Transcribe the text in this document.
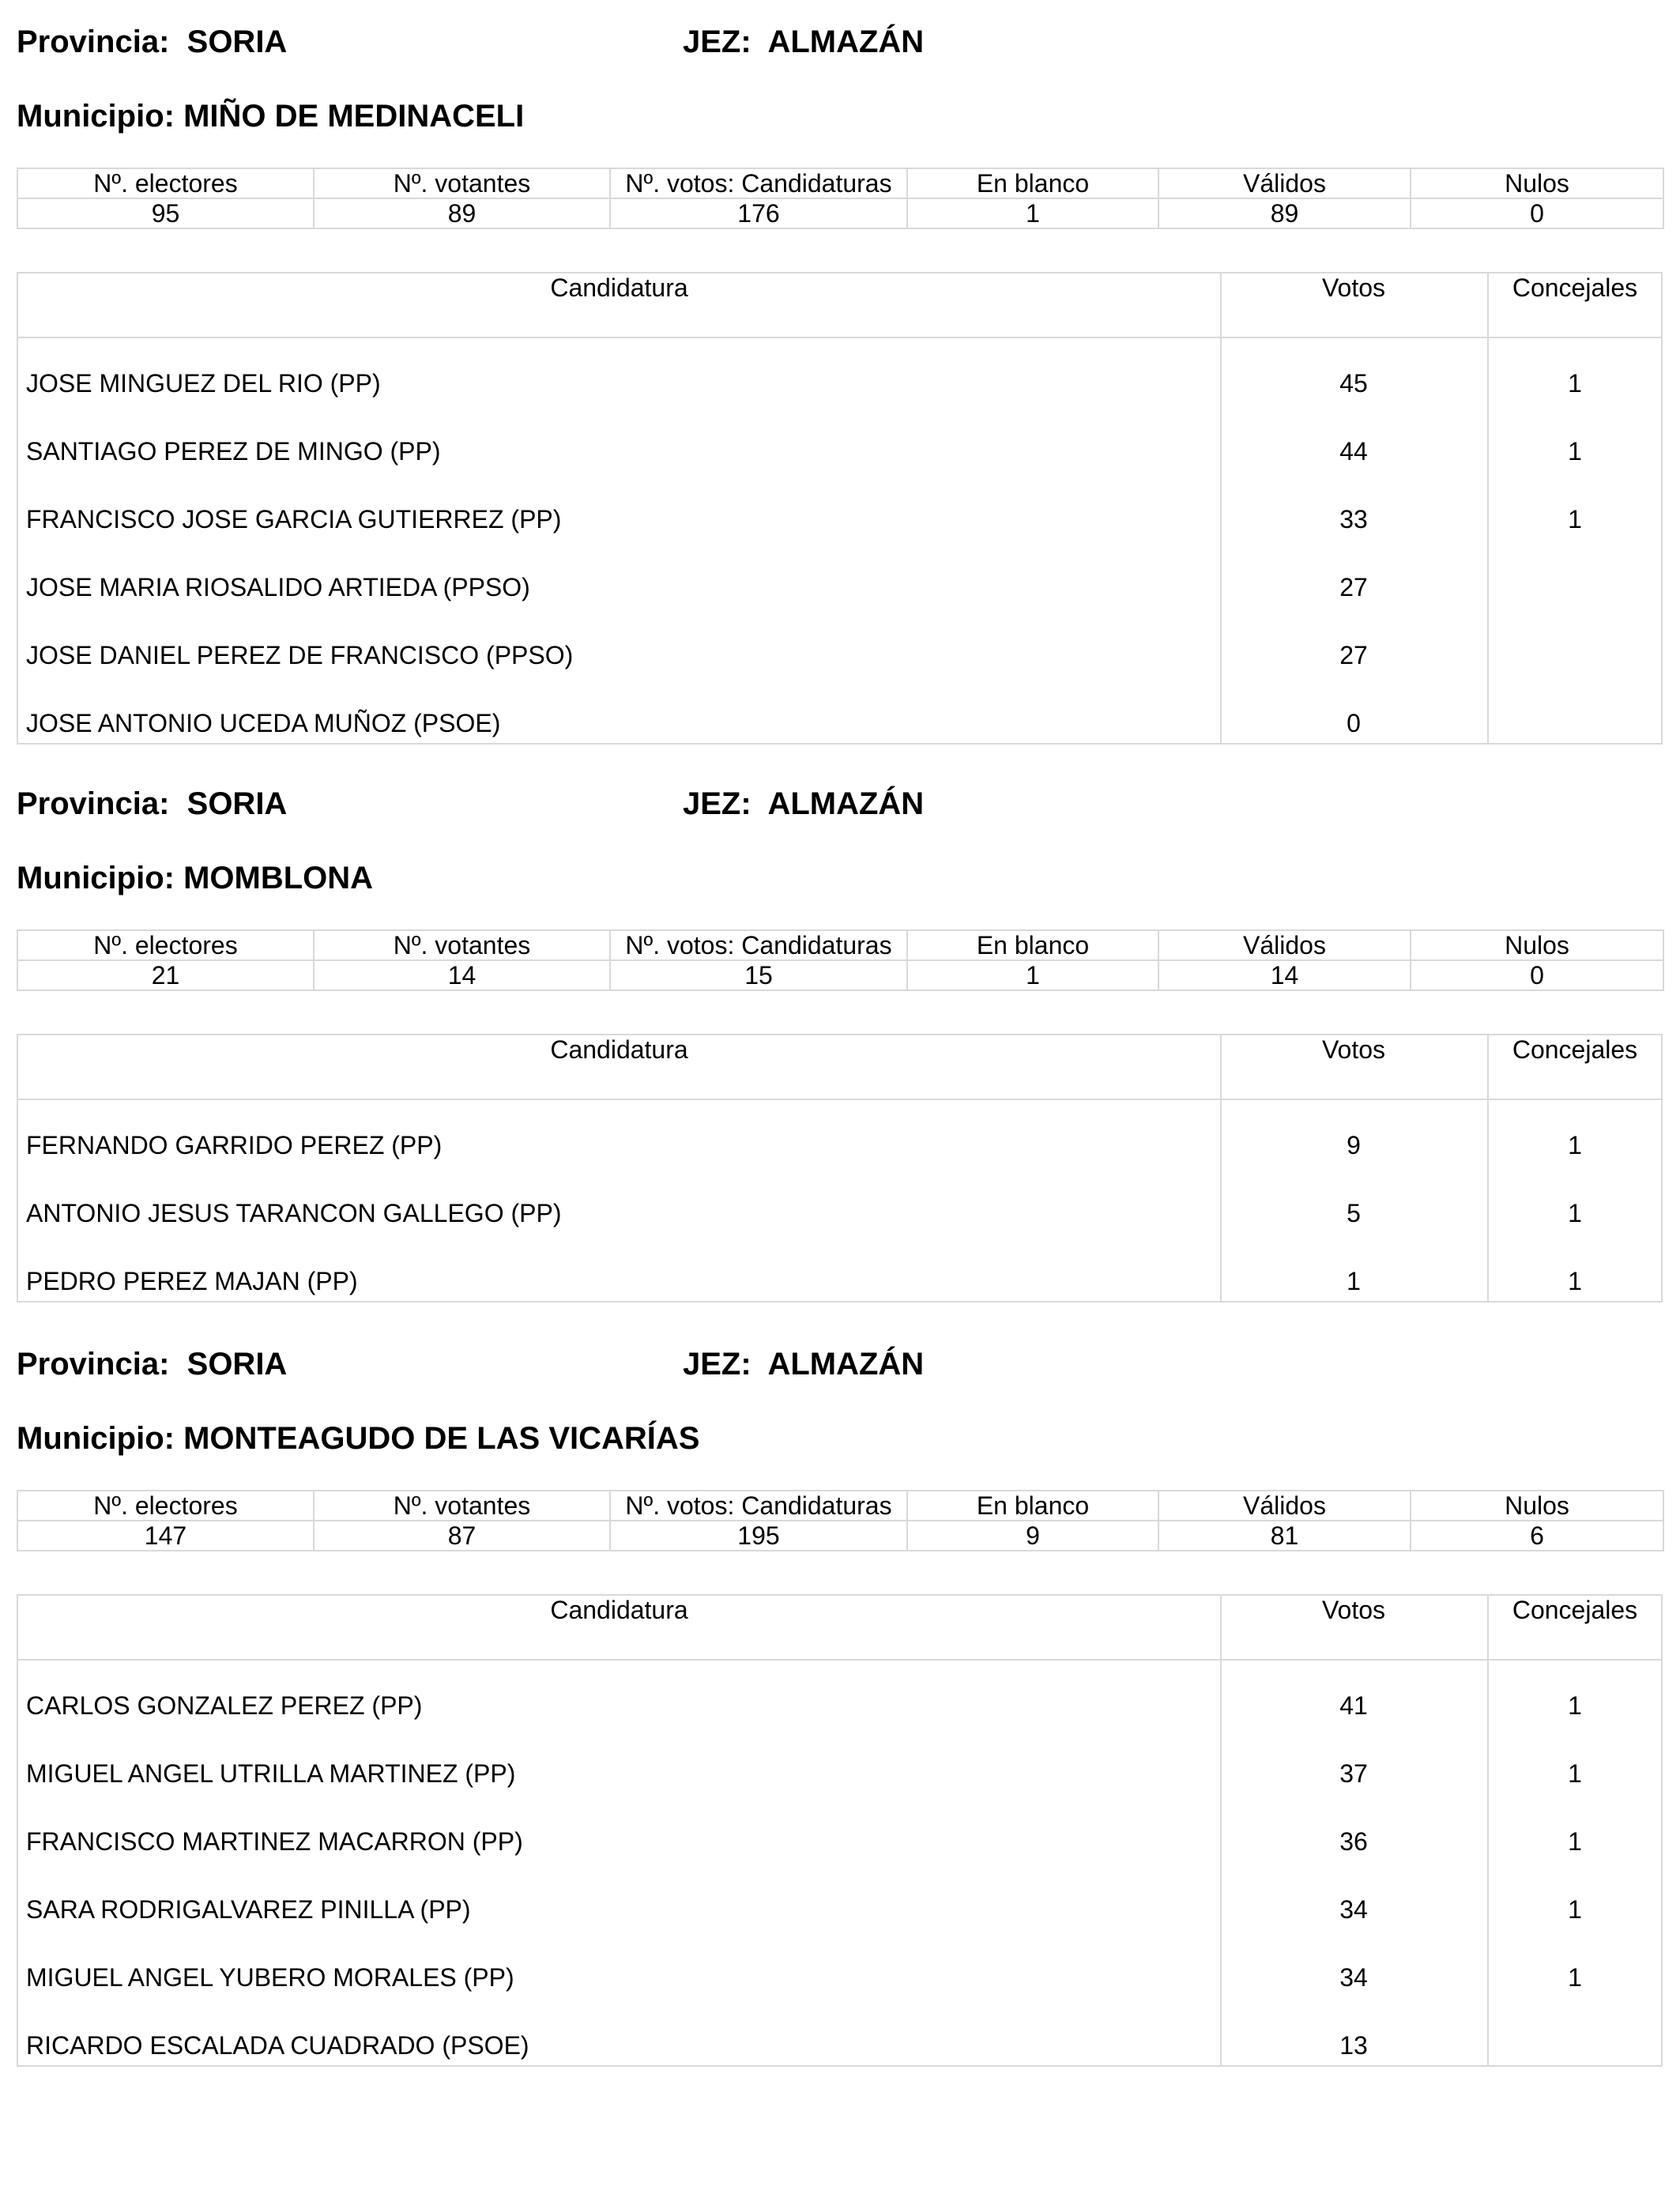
Provincia: SORIA	JEZ: ALMAZÁN
Municipio: MIÑO DE MEDINACELI
Nº. electores	Nº. votantes	Nº. votos: Candidaturas	En blanco	Válidos	Nulos
95	89	176	1	89	0
Candidatura	Votos	Concejales
JOSE MINGUEZ DEL RIO (PP)	45	1
SANTIAGO PEREZ DE MINGO (PP)	44	1
FRANCISCO JOSE GARCIA GUTIERREZ (PP)	33	1
JOSE MARIA RIOSALIDO ARTIEDA (PPSO)	27
JOSE DANIEL PEREZ DE FRANCISCO (PPSO)	27
JOSE ANTONIO UCEDA MUÑOZ (PSOE)	0
Provincia: SORIA	JEZ: ALMAZÁN
Municipio: MOMBLONA
Nº. electores	Nº. votantes	Nº. votos: Candidaturas	En blanco	Válidos	Nulos
21	14	15	1	14	0
Candidatura	Votos	Concejales
FERNANDO GARRIDO PEREZ (PP)	9	1
ANTONIO JESUS TARANCON GALLEGO (PP)	5	1
PEDRO PEREZ MAJAN (PP)	1	1
Provincia: SORIA	JEZ: ALMAZÁN
Municipio: MONTEAGUDO DE LAS VICARÍAS
Nº. electores	Nº. votantes	Nº. votos: Candidaturas	En blanco	Válidos	Nulos
147	87	195	9	81	6
Candidatura	Votos	Concejales
CARLOS GONZALEZ PEREZ (PP)	41	1
MIGUEL ANGEL UTRILLA MARTINEZ (PP)	37	1
FRANCISCO MARTINEZ MACARRON (PP)	36	1
SARA RODRIGALVAREZ PINILLA (PP)	34	1
MIGUEL ANGEL YUBERO MORALES (PP)	34	1
RICARDO ESCALADA CUADRADO (PSOE)	13
